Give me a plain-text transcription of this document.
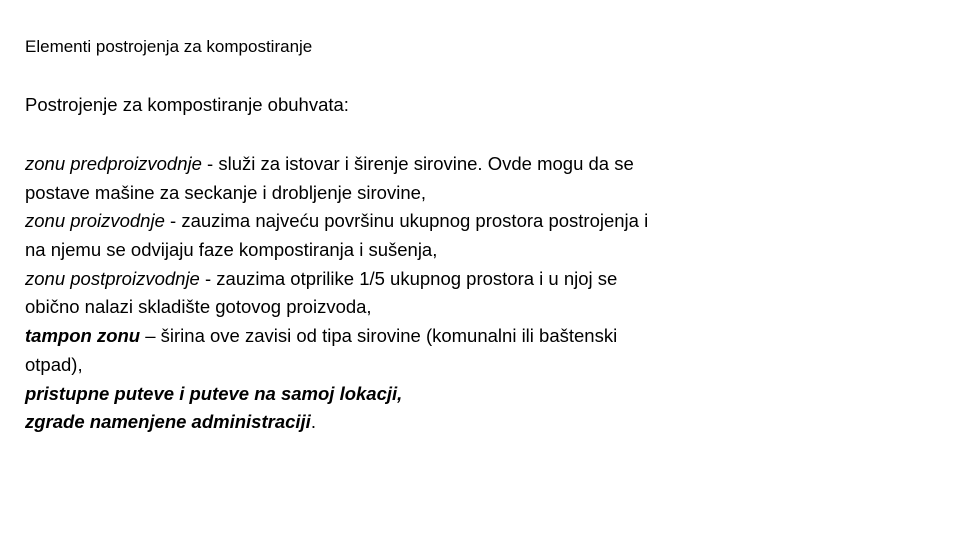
Elementi postrojenja za kompostiranje
Postrojenje za kompostiranje obuhvata:
zonu predproizvodnje - služi za istovar i širenje sirovine. Ovde mogu da se
postave mašine za seckanje i drobljenje sirovine,
zonu proizvodnje - zauzima najveću površinu ukupnog prostora postrojenja i
na njemu se odvijaju faze kompostiranja i sušenja,
zonu postproizvodnje - zauzima otprilike 1/5 ukupnog prostora i u njoj se
obično nalazi skladište gotovog proizvoda,
tampon zonu – širina ove zavisi od tipa sirovine (komunalni ili baštenski
otpad),
pristupne puteve i puteve na samoj lokacji,
zgrade namenjene administraciji.
